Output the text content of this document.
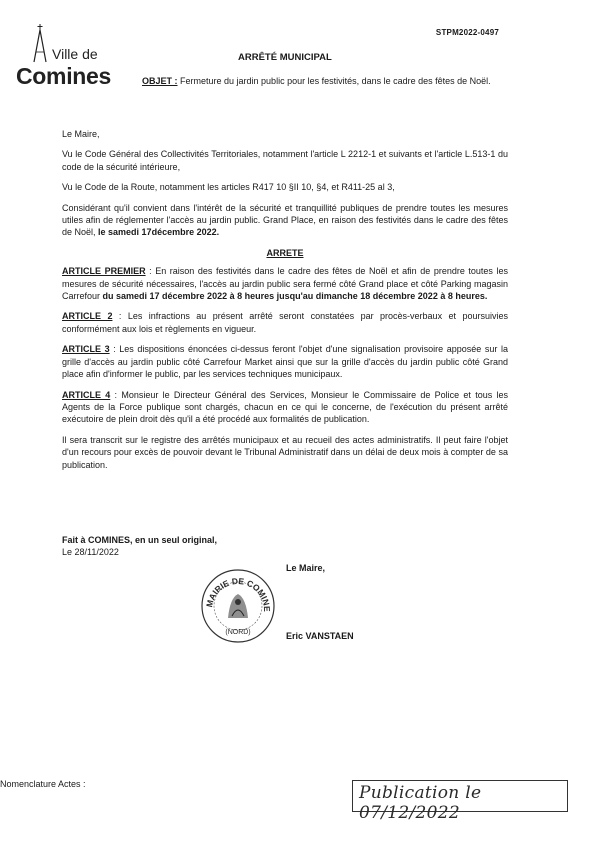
STPM2022-0497
Ville de
Comines
ARRÊTÉ MUNICIPAL
OBJET : Fermeture du jardin public pour les festivités, dans le cadre des fêtes de Noël.

Le Maire,

Vu le Code Général des Collectivités Territoriales, notamment l'article L 2212-1 et suivants et l'article L.513-1 du code de la sécurité intérieure,

Vu le Code de la Route, notamment les articles R417 10 §II 10, §4, et R411-25 al 3,

Considérant qu'il convient dans l'intérêt de la sécurité et tranquillité publiques de prendre toutes les mesures utiles afin de réglementer l'accès au jardin public. Grand Place, en raison des festivités dans le cadre des fêtes de Noël, le samedi 17décembre 2022.

ARRETE

ARTICLE PREMIER : En raison des festivités dans le cadre des fêtes de Noël et afin de prendre toutes les mesures de sécurité nécessaires, l'accès au jardin public sera fermé côté Grand place et côté Parking magasin Carrefour du samedi 17 décembre 2022 à 8 heures jusqu'au dimanche 18 décembre 2022 à 8 heures.

ARTICLE 2 : Les infractions au présent arrêté seront constatées par procès-verbaux et poursuivies conformément aux lois et règlements en vigueur.

ARTICLE 3 : Les dispositions énoncées ci-dessus feront l'objet d'une signalisation provisoire apposée sur la grille d'accès au jardin public côté Carrefour Market ainsi que sur la grille d'accès du jardin public côté Grand place afin d'informer le public, par les services techniques municipaux.

ARTICLE 4 : Monsieur le Directeur Général des Services, Monsieur le Commissaire de Police et tous les Agents de la Force publique sont chargés, chacun en ce qui le concerne, de l'exécution du présent arrêté exécutoire de plein droit dès qu'il a été procédé aux formalités de publication.

Il sera transcrit sur le registre des arrêtés municipaux et au recueil des actes administratifs. Il peut faire l'objet d'un recours pour excès de pouvoir devant le Tribunal Administratif dans un délai de deux mois à compter de sa publication.

Fait à COMINES, en un seul original,
Le 28/11/2022
Le Maire,
MAIRIE DE COMINE
(NORD)	Eric VANSTAEN
Nomenclature Actes :	Publication le 07/12/2022
